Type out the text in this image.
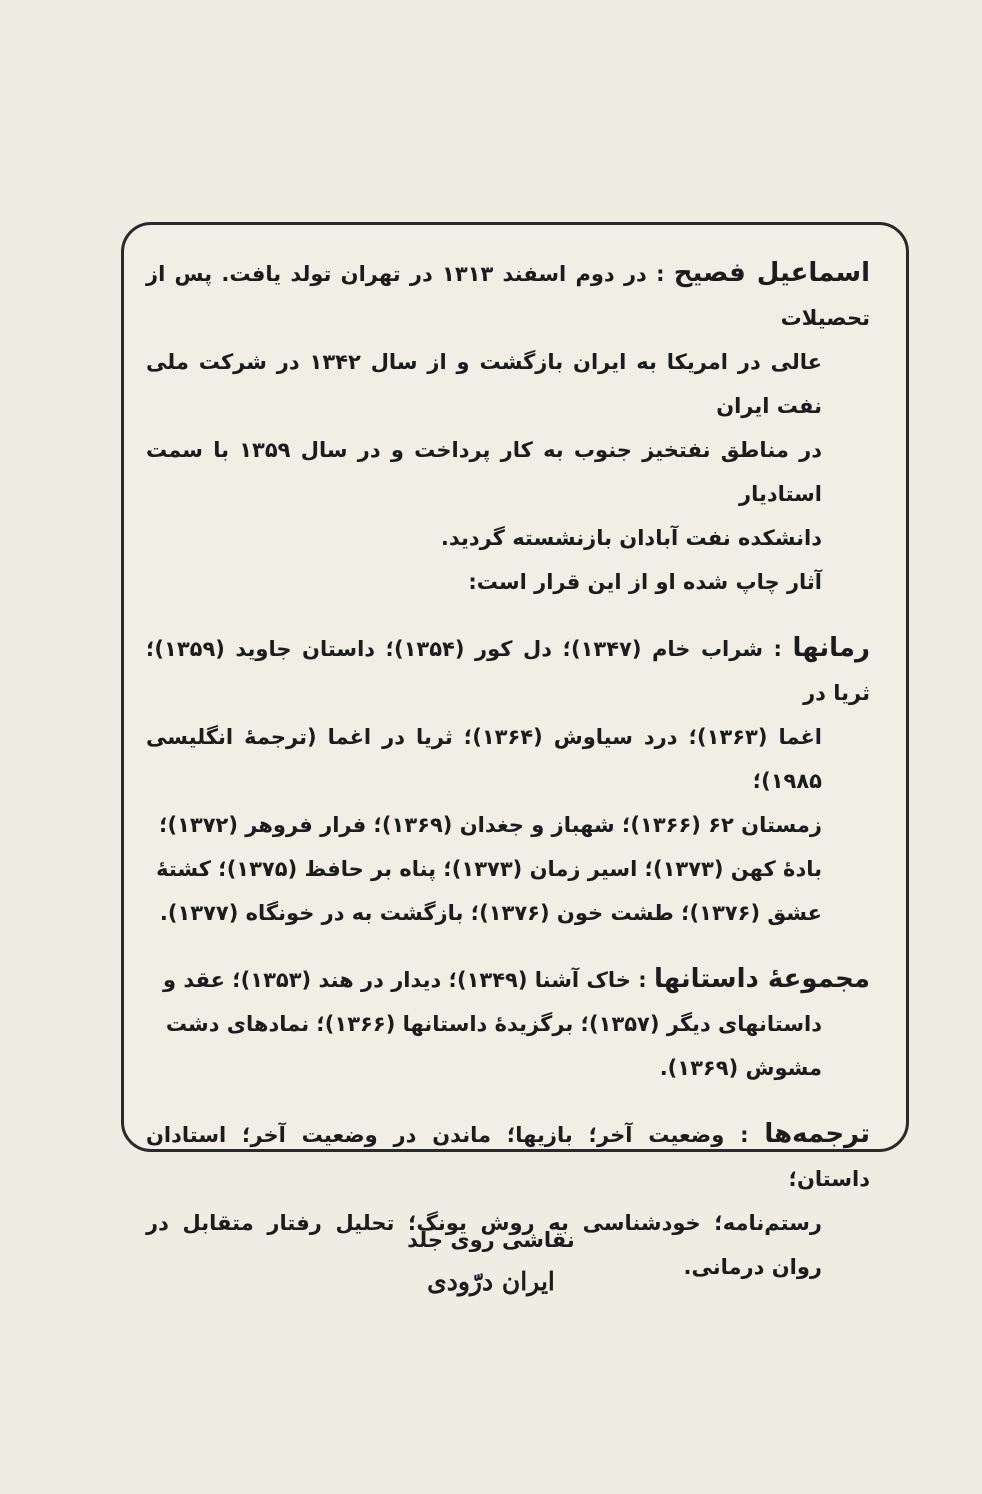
اسماعیل فصیح : در دوم اسفند ۱۳۱۳ در تهران تولد یافت. پس از تحصیلات

عالی در امریکا به ایران بازگشت و از سال ۱۳۴۲ در شرکت ملی نفت ایران

در مناطق نفتخیز جنوب به کار پرداخت و در سال ۱۳۵۹ با سمت استادیار

دانشکده نفت آبادان بازنشسته گردید.

آثار چاپ شده او از این قرار است:

رمانها : شراب خام (۱۳۴۷)؛ دل کور (۱۳۵۴)؛ داستان جاوید (۱۳۵۹)؛ ثریا در

اغما (۱۳۶۳)؛ درد سیاوش (۱۳۶۴)؛ ثریا در اغما (ترجمهٔ انگلیسی ۱۹۸۵)؛

زمستان ۶۲ (۱۳۶۶)؛ شهباز و جغدان (۱۳۶۹)؛ فرار فروهر (۱۳۷۲)؛

بادهٔ کهن (۱۳۷۳)؛ اسیر زمان (۱۳۷۳)؛ پناه بر حافظ (۱۳۷۵)؛ کشتهٔ

عشق (۱۳۷۶)؛ طشت خون (۱۳۷۶)؛ بازگشت به در خونگاه (۱۳۷۷).

مجموعهٔ داستانها : خاک آشنا (۱۳۴۹)؛ دیدار در هند (۱۳۵۳)؛ عقد و

داستانهای دیگر (۱۳۵۷)؛ برگزیدهٔ داستانها (۱۳۶۶)؛ نمادهای دشت

مشوش (۱۳۶۹).

ترجمه‌ها : وضعیت آخر؛ بازیها؛ ماندن در وضعیت آخر؛ استادان داستان؛

رستم‌نامه؛ خودشناسی به روش یونگ؛ تحلیل رفتار متقابل در روان درمانی.

نقاشی روی جلد
ایران درّودی
